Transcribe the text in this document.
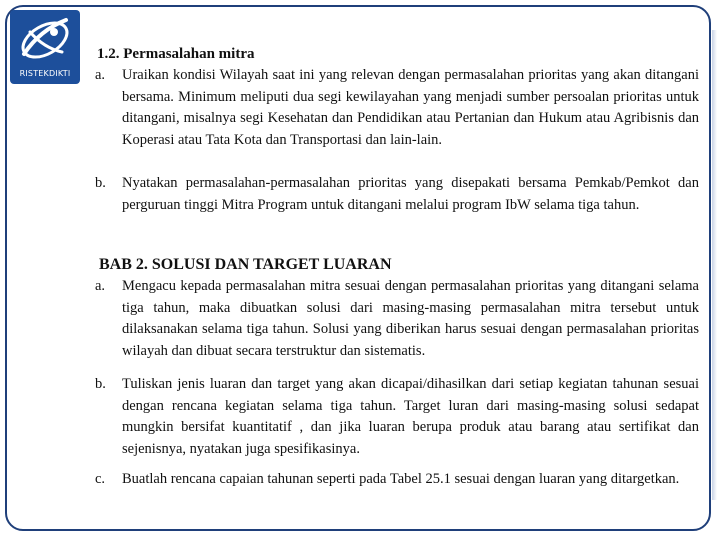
RISTEKDIKTI
1.2. Permasalahan mitra
a. Uraikan kondisi Wilayah saat ini yang relevan dengan permasalahan prioritas yang akan ditangani bersama. Minimum meliputi dua segi kewilayahan yang menjadi sumber persoalan prioritas untuk ditangani, misalnya segi Kesehatan dan Pendidikan atau Pertanian dan Hukum atau Agribisnis dan Koperasi atau Tata Kota dan Transportasi dan lain-lain.
b. Nyatakan permasalahan-permasalahan prioritas yang disepakati bersama Pemkab/Pemkot dan perguruan tinggi Mitra Program untuk ditangani melalui program IbW selama tiga tahun.
BAB 2. SOLUSI DAN TARGET LUARAN
a. Mengacu kepada permasalahan mitra sesuai dengan permasalahan prioritas yang ditangani selama tiga tahun, maka dibuatkan solusi dari masing-masing permasalahan mitra tersebut untuk dilaksanakan selama tiga tahun. Solusi yang diberikan harus sesuai dengan permasalahan prioritas wilayah dan dibuat secara terstruktur dan sistematis.
b. Tuliskan jenis luaran dan target yang akan dicapai/dihasilkan dari setiap kegiatan tahunan sesuai dengan rencana kegiatan selama tiga tahun. Target luran dari masing-masing solusi sedapat mungkin bersifat kuantitatif , dan jika luaran berupa produk atau barang atau sertifikat dan sejenisnya, nyatakan juga spesifikasinya.
c. Buatlah rencana capaian tahunan seperti pada Tabel 25.1 sesuai dengan luaran yang ditargetkan.
